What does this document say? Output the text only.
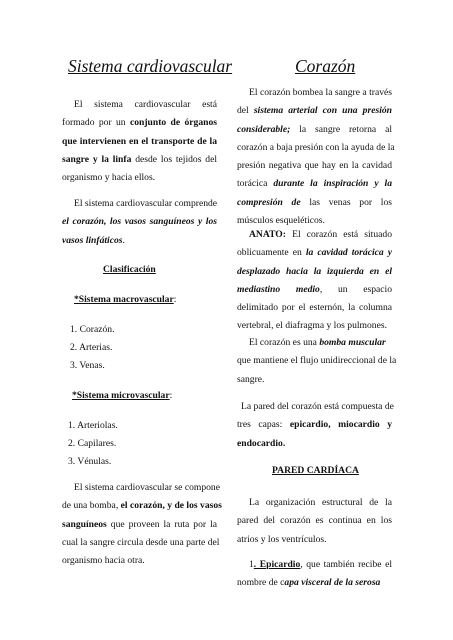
Sistema cardiovascular
El sistema cardiovascular está
formado por un conjunto de órganos
que intervienen en el transporte de la
sangre y la linfa desde los tejidos del
organismo y hacia ellos.
El sistema cardiovascular comprende
el corazón, los vasos sanguíneos y los
vasos linfáticos.
Clasificación
*Sistema macrovascular:
1. Corazón.
2. Arterias.
3. Venas.
*Sistema microvascular:
1. Arteriolas.
2. Capilares.
3. Vénulas.
El sistema cardiovascular se compone
de una bomba, el corazón, y de los vasos
sanguíneos que proveen la ruta por la
cual la sangre circula desde una parte del
organismo hacia otra.
Corazón
El corazón bombea la sangre a través
del sistema arterial con una presión
considerable; la sangre retorna al
corazón a baja presión con la ayuda de la
presión negativa que hay en la cavidad
torácica durante la inspiración y la
compresión de las venas por los
músculos esqueléticos.
ANATO: El corazón está situado
oblicuamente en la cavidad torácica y
desplazado hacia la izquierda en el
mediastino medio, un espacio
delimitado por el esternón, la columna
vertebral, el diafragma y los pulmones.
El corazón es una bomba muscular
que mantiene el flujo unidireccional de la
sangre.
La pared del corazón está compuesta de
tres capas: epicardio, miocardio y
endocardio.
PARED CARDÍACA
La organización estructural de la
pared del corazón es continua en los
atrios y los ventrículos.
1. Epicardio, que también recibe el
nombre de capa visceral de la serosa
